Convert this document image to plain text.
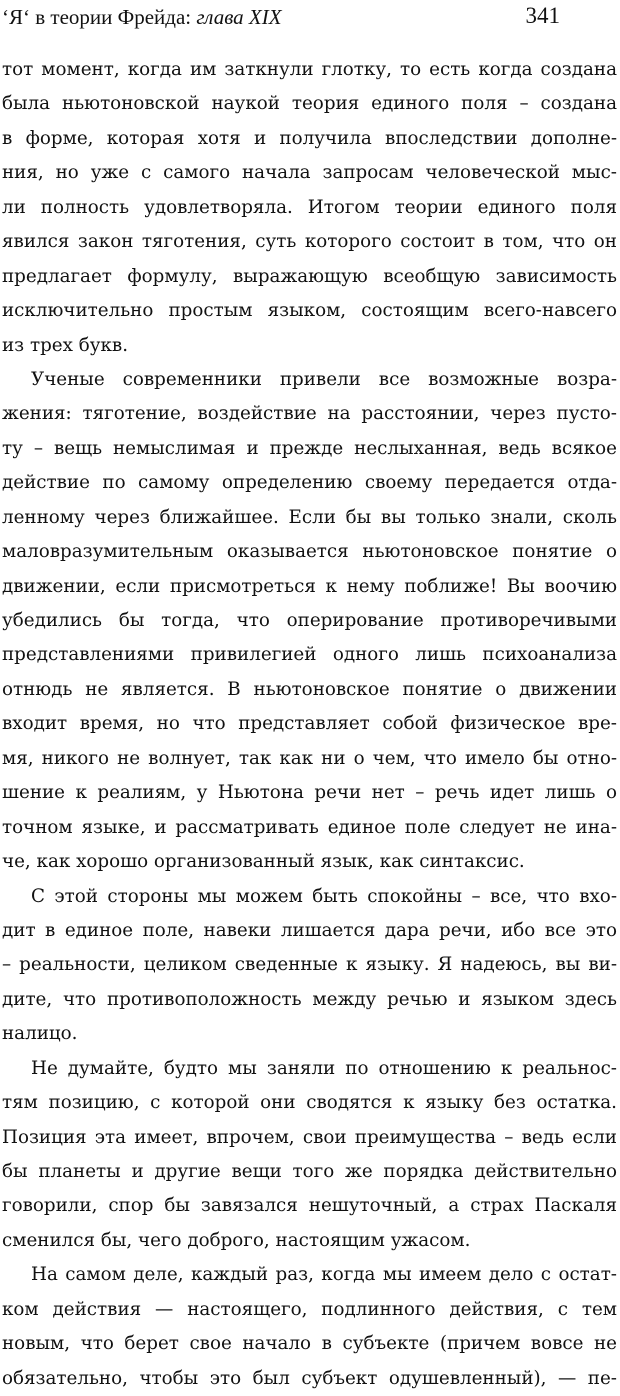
‘Я‘ в теории Фрейда: глава XIX	341
тот момент, когда им заткнули глотку, то есть когда создана
была ньютоновской наукой теория единого поля – создана
в форме, которая хотя и получила впоследствии дополне-
ния, но уже с самого начала запросам человеческой мыс-
ли полность удовлетворяла. Итогом теории единого поля
явился закон тяготения, суть которого состоит в том, что он
предлагает формулу, выражающую всеобщую зависимость
исключительно простым языком, состоящим всего-навсего
из трех букв.
Ученые современники привели все возможные возра-
жения: тяготение, воздействие на расстоянии, через пусто-
ту – вещь немыслимая и прежде неслыханная, ведь всякое
действие по самому определению своему передается отда-
ленному через ближайшее. Если бы вы только знали, сколь
маловразумительным оказывается ньютоновское понятие о
движении, если присмотреться к нему поближе! Вы воочию
убедились бы тогда, что оперирование противоречивыми
представлениями привилегией одного лишь психоанализа
отнюдь не является. В ньютоновское понятие о движении
входит время, но что представляет собой физическое вре-
мя, никого не волнует, так как ни о чем, что имело бы отно-
шение к реалиям, у Ньютона речи нет – речь идет лишь о
точном языке, и рассматривать единое поле следует не ина-
че, как хорошо организованный язык, как синтаксис.
С этой стороны мы можем быть спокойны – все, что вхо-
дит в единое поле, навеки лишается дара речи, ибо все это
– реальности, целиком сведенные к языку. Я надеюсь, вы ви-
дите, что противоположность между речью и языком здесь
налицо.
Не думайте, будто мы заняли по отношению к реальнос-
тям позицию, с которой они сводятся к языку без остатка.
Позиция эта имеет, впрочем, свои преимущества – ведь если
бы планеты и другие вещи того же порядка действительно
говорили, спор бы завязался нешуточный, а страх Паскаля
сменился бы, чего доброго, настоящим ужасом.
На самом деле, каждый раз, когда мы имеем дело с остат-
ком действия — настоящего, подлинного действия, с тем
новым, что берет свое начало в субъекте (причем вовсе не
обязательно, чтобы это был субъект одушевленный), — пе-
